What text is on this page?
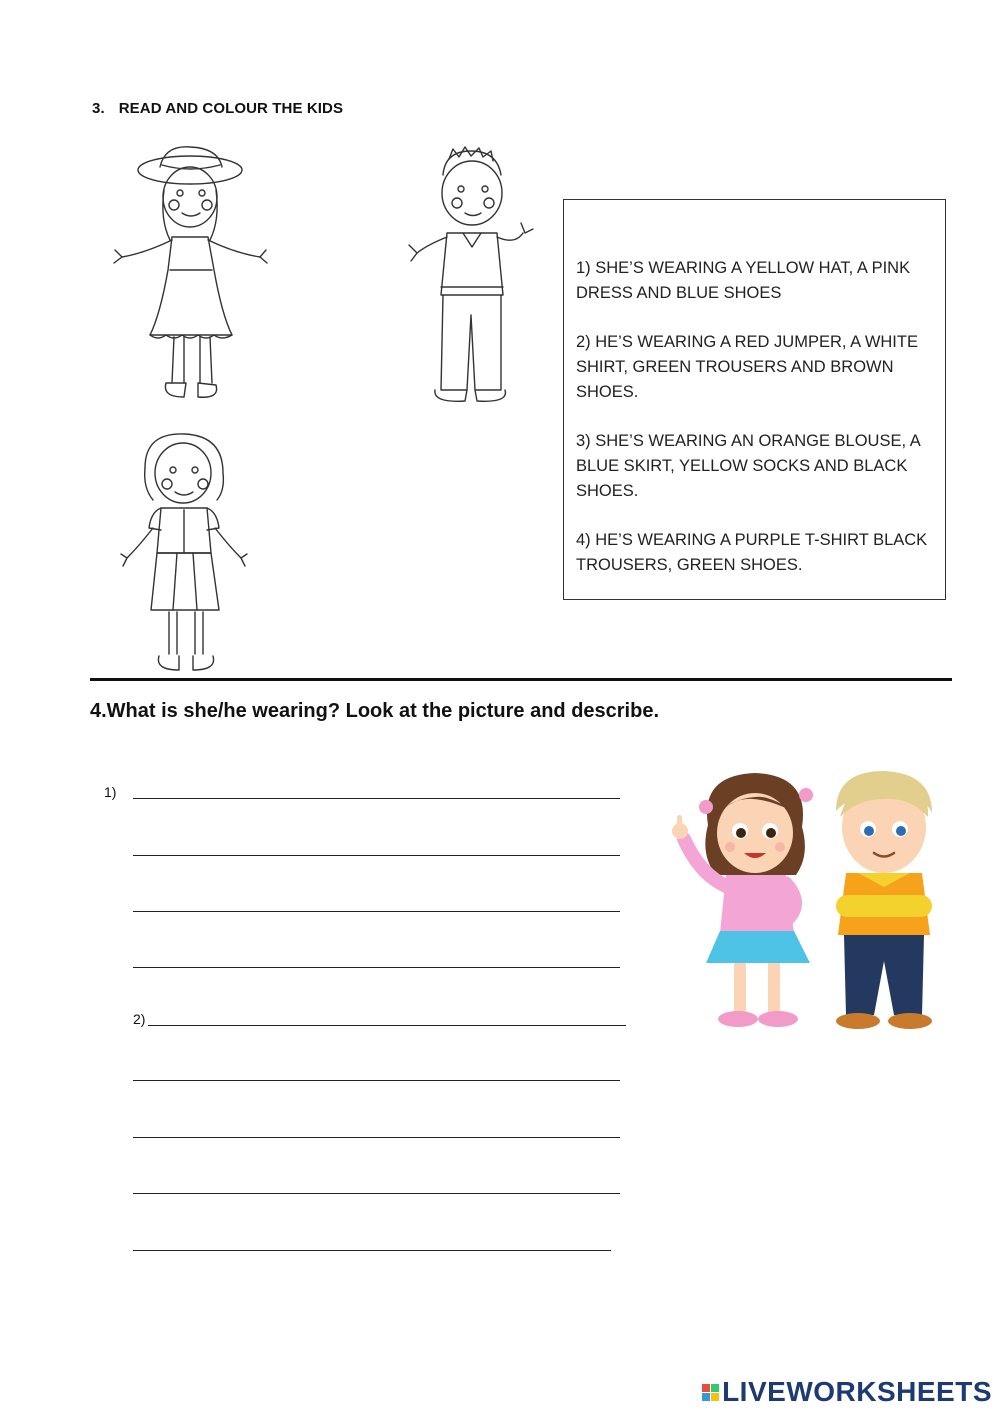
3. READ AND COLOUR THE KIDS

1) SHE’S WEARING A YELLOW HAT, A PINK DRESS AND BLUE SHOES

2) HE’S WEARING A RED JUMPER, A WHITE SHIRT, GREEN TROUSERS AND BROWN SHOES.

3) SHE’S WEARING AN ORANGE BLOUSE, A BLUE SKIRT, YELLOW SOCKS AND BLACK SHOES.

4) HE’S WEARING A PURPLE T-SHIRT BLACK TROUSERS, GREEN SHOES.

4.What is she/he wearing? Look at the picture and describe.
1)
2)
LIVEWORKSHEETS
